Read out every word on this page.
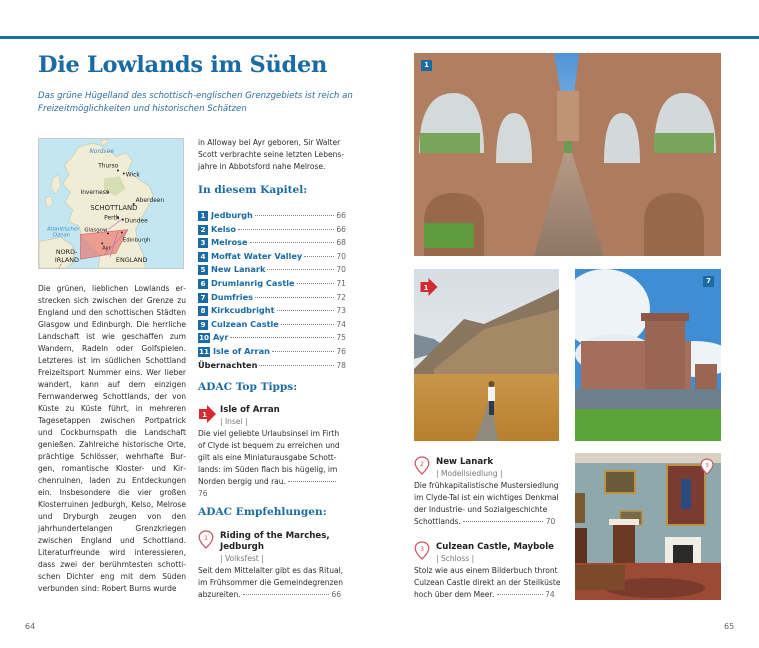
Die Lowlands im Süden

Das grüne Hügelland des schottisch-englischen Grenzgebiets ist reich an Freizeitmöglichkeiten und historischen Schätzen

Nordsee
Thurso
Wick
Inverness
Aberdeen
SCHOTTLAND
Perth Dundee
Atlantischer
Ozean
Glasgow
Edinburgh
Ayr
NORD-
IRLAND	ENGLAND

Die grünen, lieblichen Lowlands erstrecken sich zwischen der Grenze zu England und den schottischen Städten Glasgow und Edinburgh. Die herrliche Landschaft ist wie geschaffen zum Wandern, Radeln oder Golfspielen. Letzteres ist im südlichen Schottland Freizeitsport Nummer eins. Wer lieber wandert, kann auf dem einzigen Fernwanderweg Schottlands, der von Küste zu Küste führt, in mehreren Tagesetappen zwischen Portpatrick und Cockburnspath die Landschaft genießen. Zahlreiche historische Orte, prächtige Schlösser, wehrhafte Burgen, romantische Kloster- und Kirchenruinen, laden zu Entdeckungen ein. Insbesondere die vier großen Klosterruinen Jedburgh, Kelso, Melrose und Dryburgh zeugen von den jahrhundertelangen Grenzkriegen zwischen England und Schottland. Literaturfreunde wird interessieren, dass zwei der berühmtesten schottischen Dichter eng mit dem Süden verbunden sind: Robert Burns wurde

in Alloway bei Ayr geboren, Sir Walter Scott verbrachte seine letzten Lebensjahre in Abbotsford nahe Melrose.

In diesem Kapitel:
1 Jedburgh	66
2 Kelso	66
3 Melrose	68
4 Moffat Water Valley	70
5 New Lanark	70
6 Drumlanrig Castle	71
7 Dumfries	72
8 Kirkcudbright	73
9 Culzean Castle	74
10 Ayr	75
11 Isle of Arran	76
Übernachten	78
ADAC Top Tipps:
1	Isle of Arran
| Insel |
Die viel geliebte Urlaubsinsel im Firth of Clyde ist bequem zu erreichen und gilt als eine Miniaturausgabe Schottlands: im Süden flach bis hügelig, im Norden bergig und rau.  76
ADAC Empfehlungen:
1	Riding of the Marches, Jedburgh
| Volksfest |
Seit dem Mittelalter gibt es das Ritual, im Frühsommer die Gemeindegrenzen abzureiten.	66
2	New Lanark
| Modellsiedlung |
Die frühkapitalistische Mustersiedlung im Clyde-Tal ist ein wichtiges Denkmal der Industrie- und Sozialgeschichte Schottlands.	70
3	Culzean Castle, Maybole
| Schloss |
Stolz wie aus einem Bilderbuch thront Culzean Castle direkt an der Steilküste hoch über dem Meer.	74
1
1
7
3
64	65
